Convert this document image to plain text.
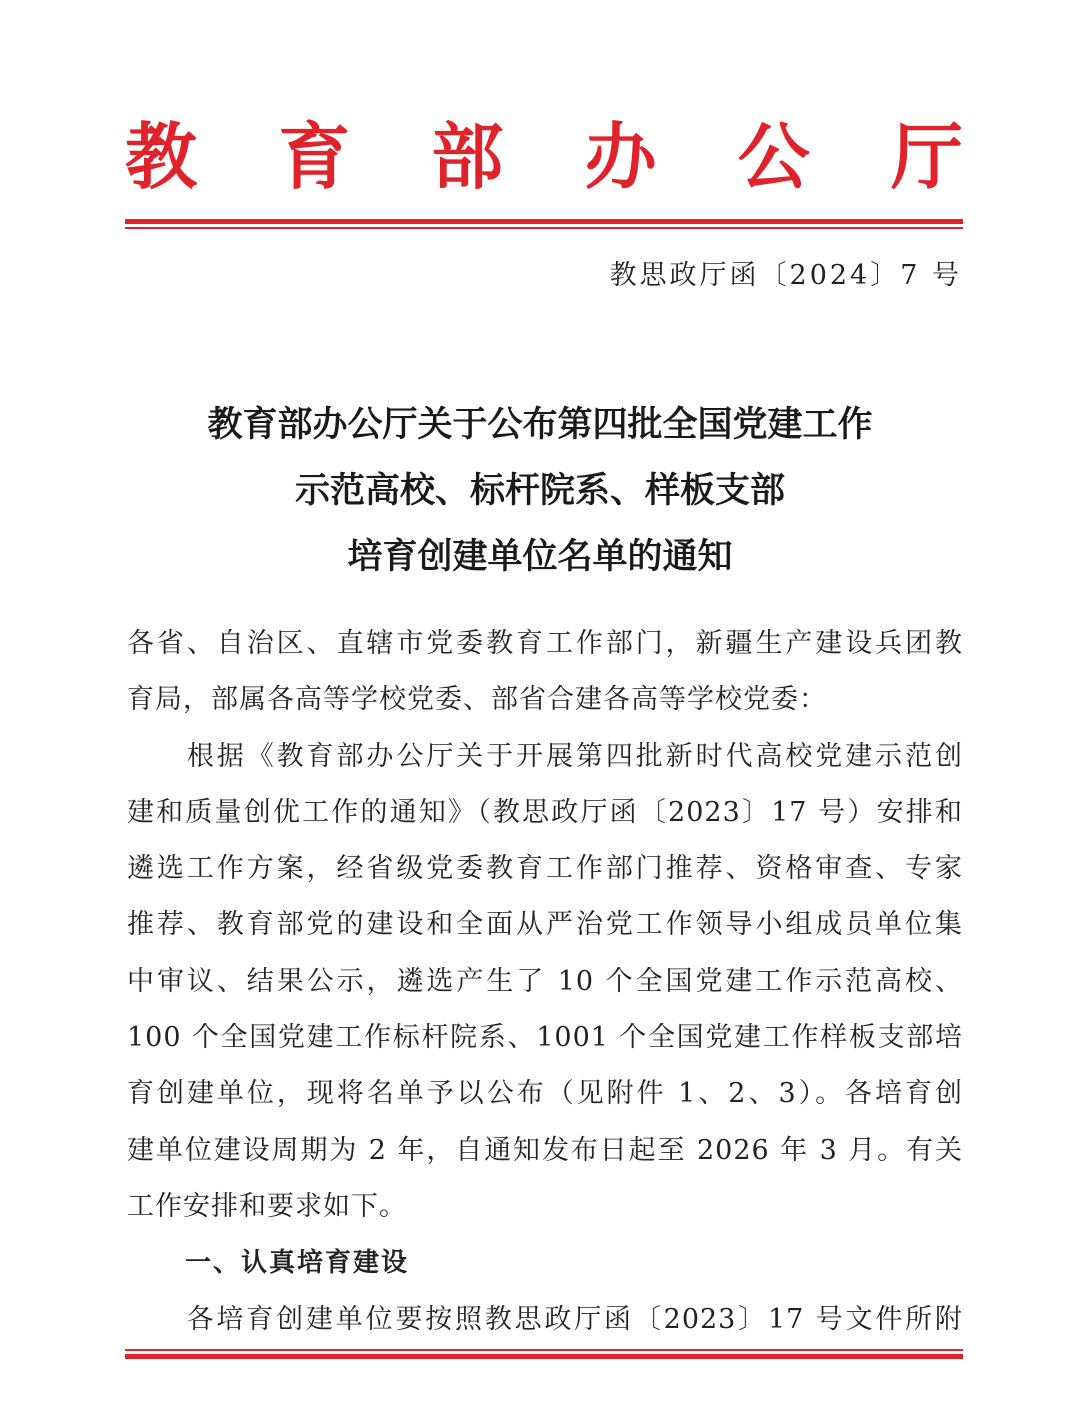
教 育 部 办 公 厅
教思政厅函〔2024〕7 号
教育部办公厅关于公布第四批全国党建工作
示范高校、标杆院系、样板支部
培育创建单位名单的通知
各省、自治区、直辖市党委教育工作部门，新疆生产建设兵团教
育局，部属各高等学校党委、部省合建各高等学校党委：
　　根据《教育部办公厅关于开展第四批新时代高校党建示范创
建和质量创优工作的通知》（教思政厅函〔2023〕17 号）安排和
遴选工作方案，经省级党委教育工作部门推荐、资格审查、专家
推荐、教育部党的建设和全面从严治党工作领导小组成员单位集
中审议、结果公示，遴选产生了 10 个全国党建工作示范高校、
100 个全国党建工作标杆院系、1001 个全国党建工作样板支部培
育创建单位，现将名单予以公布（见附件 1、2、3）。各培育创
建单位建设周期为 2 年，自通知发布日起至 2026 年 3 月。有关
工作安排和要求如下。
一、认真培育建设
　　各培育创建单位要按照教思政厅函〔2023〕17 号文件所附
